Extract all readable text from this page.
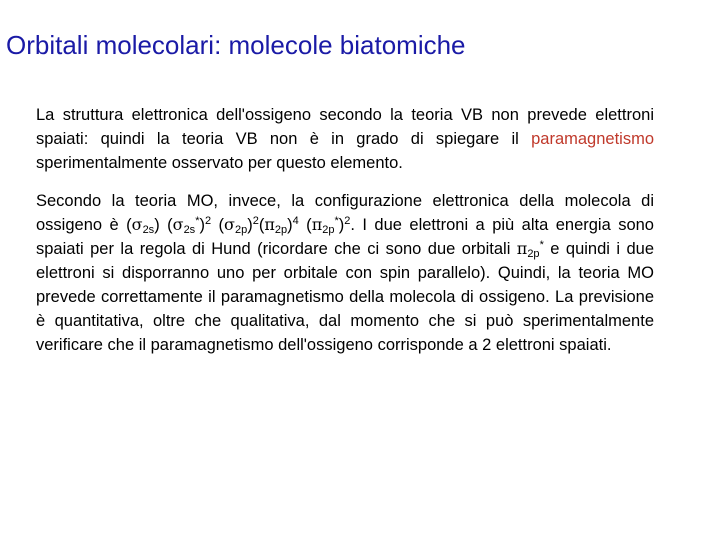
Orbitali molecolari: molecole biatomiche
La struttura elettronica dell'ossigeno secondo la teoria VB non prevede elettroni spaiati: quindi la teoria VB non è in grado di spiegare il paramagnetismo sperimentalmente osservato per questo elemento.
Secondo la teoria MO, invece, la configurazione elettronica della molecola di ossigeno è $(\sigma_{2s})$ $(\sigma_{2s}^*)^2$ $(\sigma_{2p})^2(\pi_{2p})^4$ $(\pi_{2p}^*)^2$. I due elettroni a più alta energia sono spaiati per la regola di Hund (ricordare che ci sono due orbitali $\pi_{2p}^*$ e quindi i due elettroni si disporranno uno per orbitale con spin parallelo). Quindi, la teoria MO prevede correttamente il paramagnetismo della molecola di ossigeno. La previsione è quantitativa, oltre che qualitativa, dal momento che si può sperimentalmente verificare che il paramagnetismo dell'ossigeno corrisponde a 2 elettroni spaiati.
